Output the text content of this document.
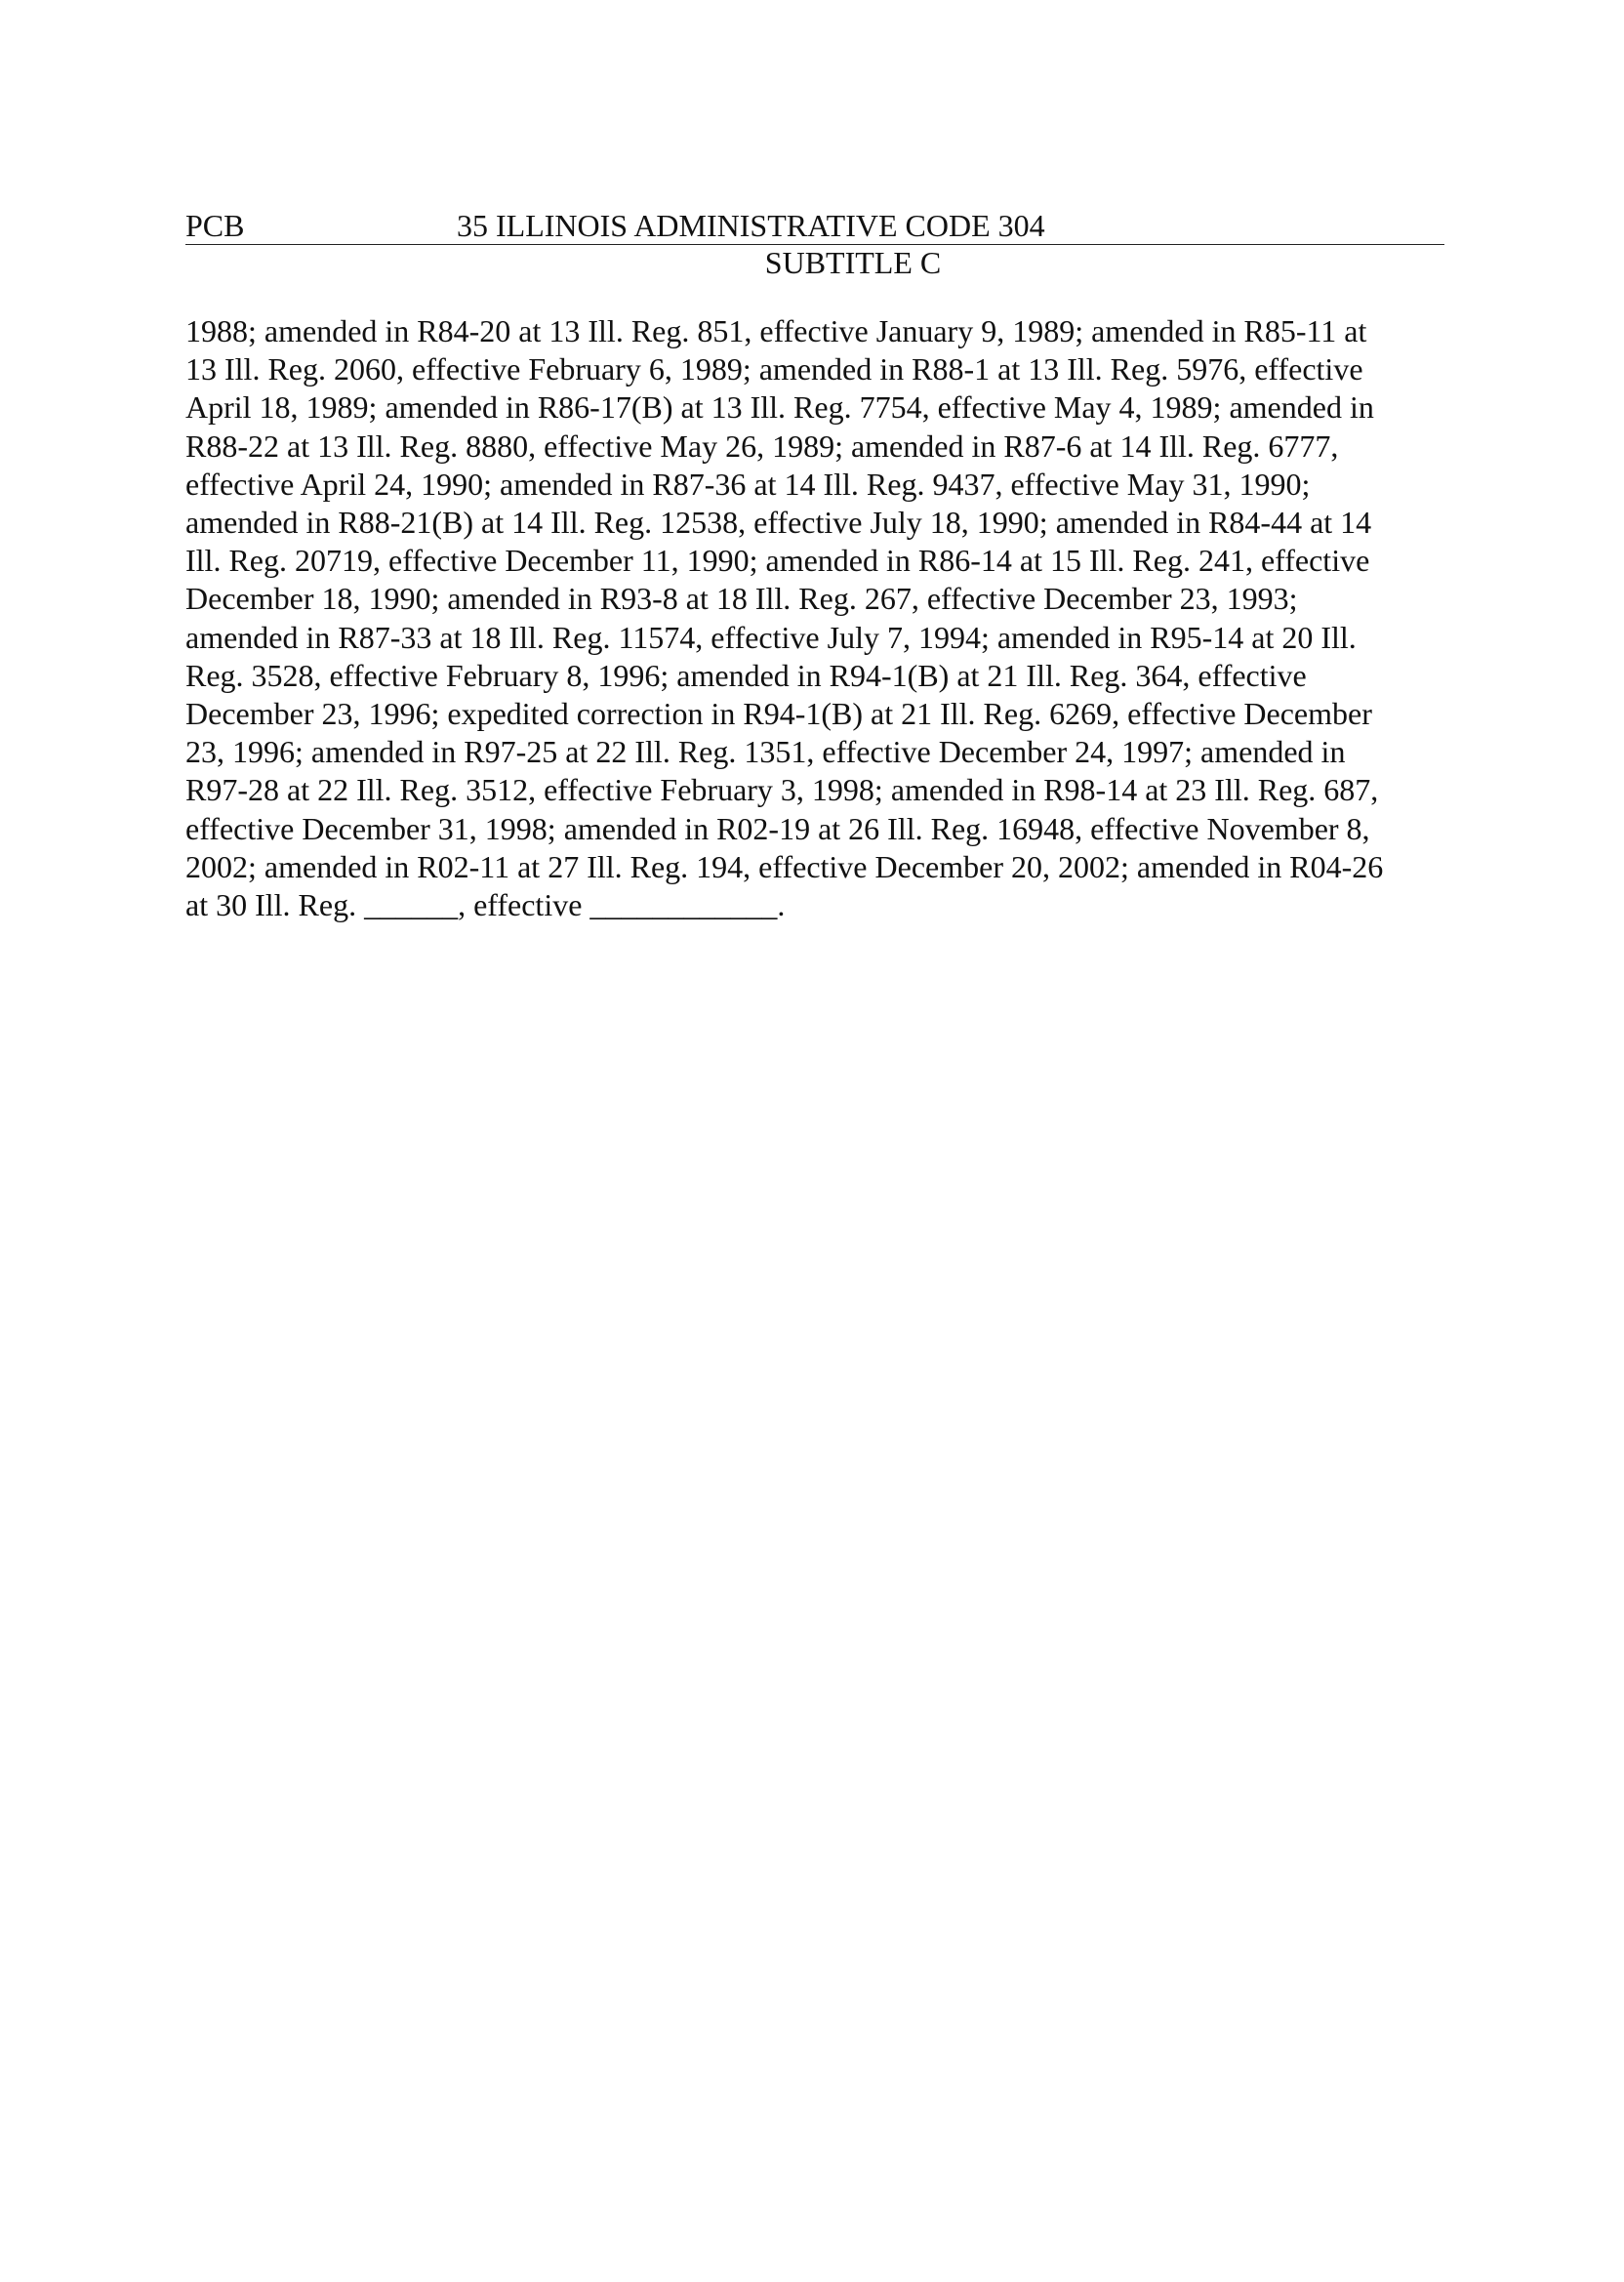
PCB	35 ILLINOIS ADMINISTRATIVE CODE 304
SUBTITLE C

1988; amended in R84-20 at 13 Ill. Reg. 851, effective January 9, 1989; amended in R85-11 at
13 Ill. Reg. 2060, effective February 6, 1989; amended in R88-1 at 13 Ill. Reg. 5976, effective
April 18, 1989; amended in R86-17(B) at 13 Ill. Reg. 7754, effective May 4, 1989; amended in
R88-22 at 13 Ill. Reg. 8880, effective May 26, 1989; amended in R87-6 at 14 Ill. Reg. 6777,
effective April 24, 1990; amended in R87-36 at 14 Ill. Reg. 9437, effective May 31, 1990;
amended in R88-21(B) at 14 Ill. Reg. 12538, effective July 18, 1990; amended in R84-44 at 14
Ill. Reg. 20719, effective December 11, 1990; amended in R86-14 at 15 Ill. Reg. 241, effective
December 18, 1990; amended in R93-8 at 18 Ill. Reg. 267, effective December 23, 1993;
amended in R87-33 at 18 Ill. Reg. 11574, effective July 7, 1994; amended in R95-14 at 20 Ill.
Reg. 3528, effective February 8, 1996; amended in R94-1(B) at 21 Ill. Reg. 364, effective
December 23, 1996; expedited correction in R94-1(B) at 21 Ill. Reg. 6269, effective December
23, 1996; amended in R97-25 at 22 Ill. Reg. 1351, effective December 24, 1997; amended in
R97-28 at 22 Ill. Reg. 3512, effective February 3, 1998; amended in R98-14 at 23 Ill. Reg. 687,
effective December 31, 1998; amended in R02-19 at 26 Ill. Reg. 16948, effective November 8,
2002; amended in R02-11 at 27 Ill. Reg. 194, effective December 20, 2002; amended in R04-26
at 30 Ill. Reg. ______, effective ____________.
